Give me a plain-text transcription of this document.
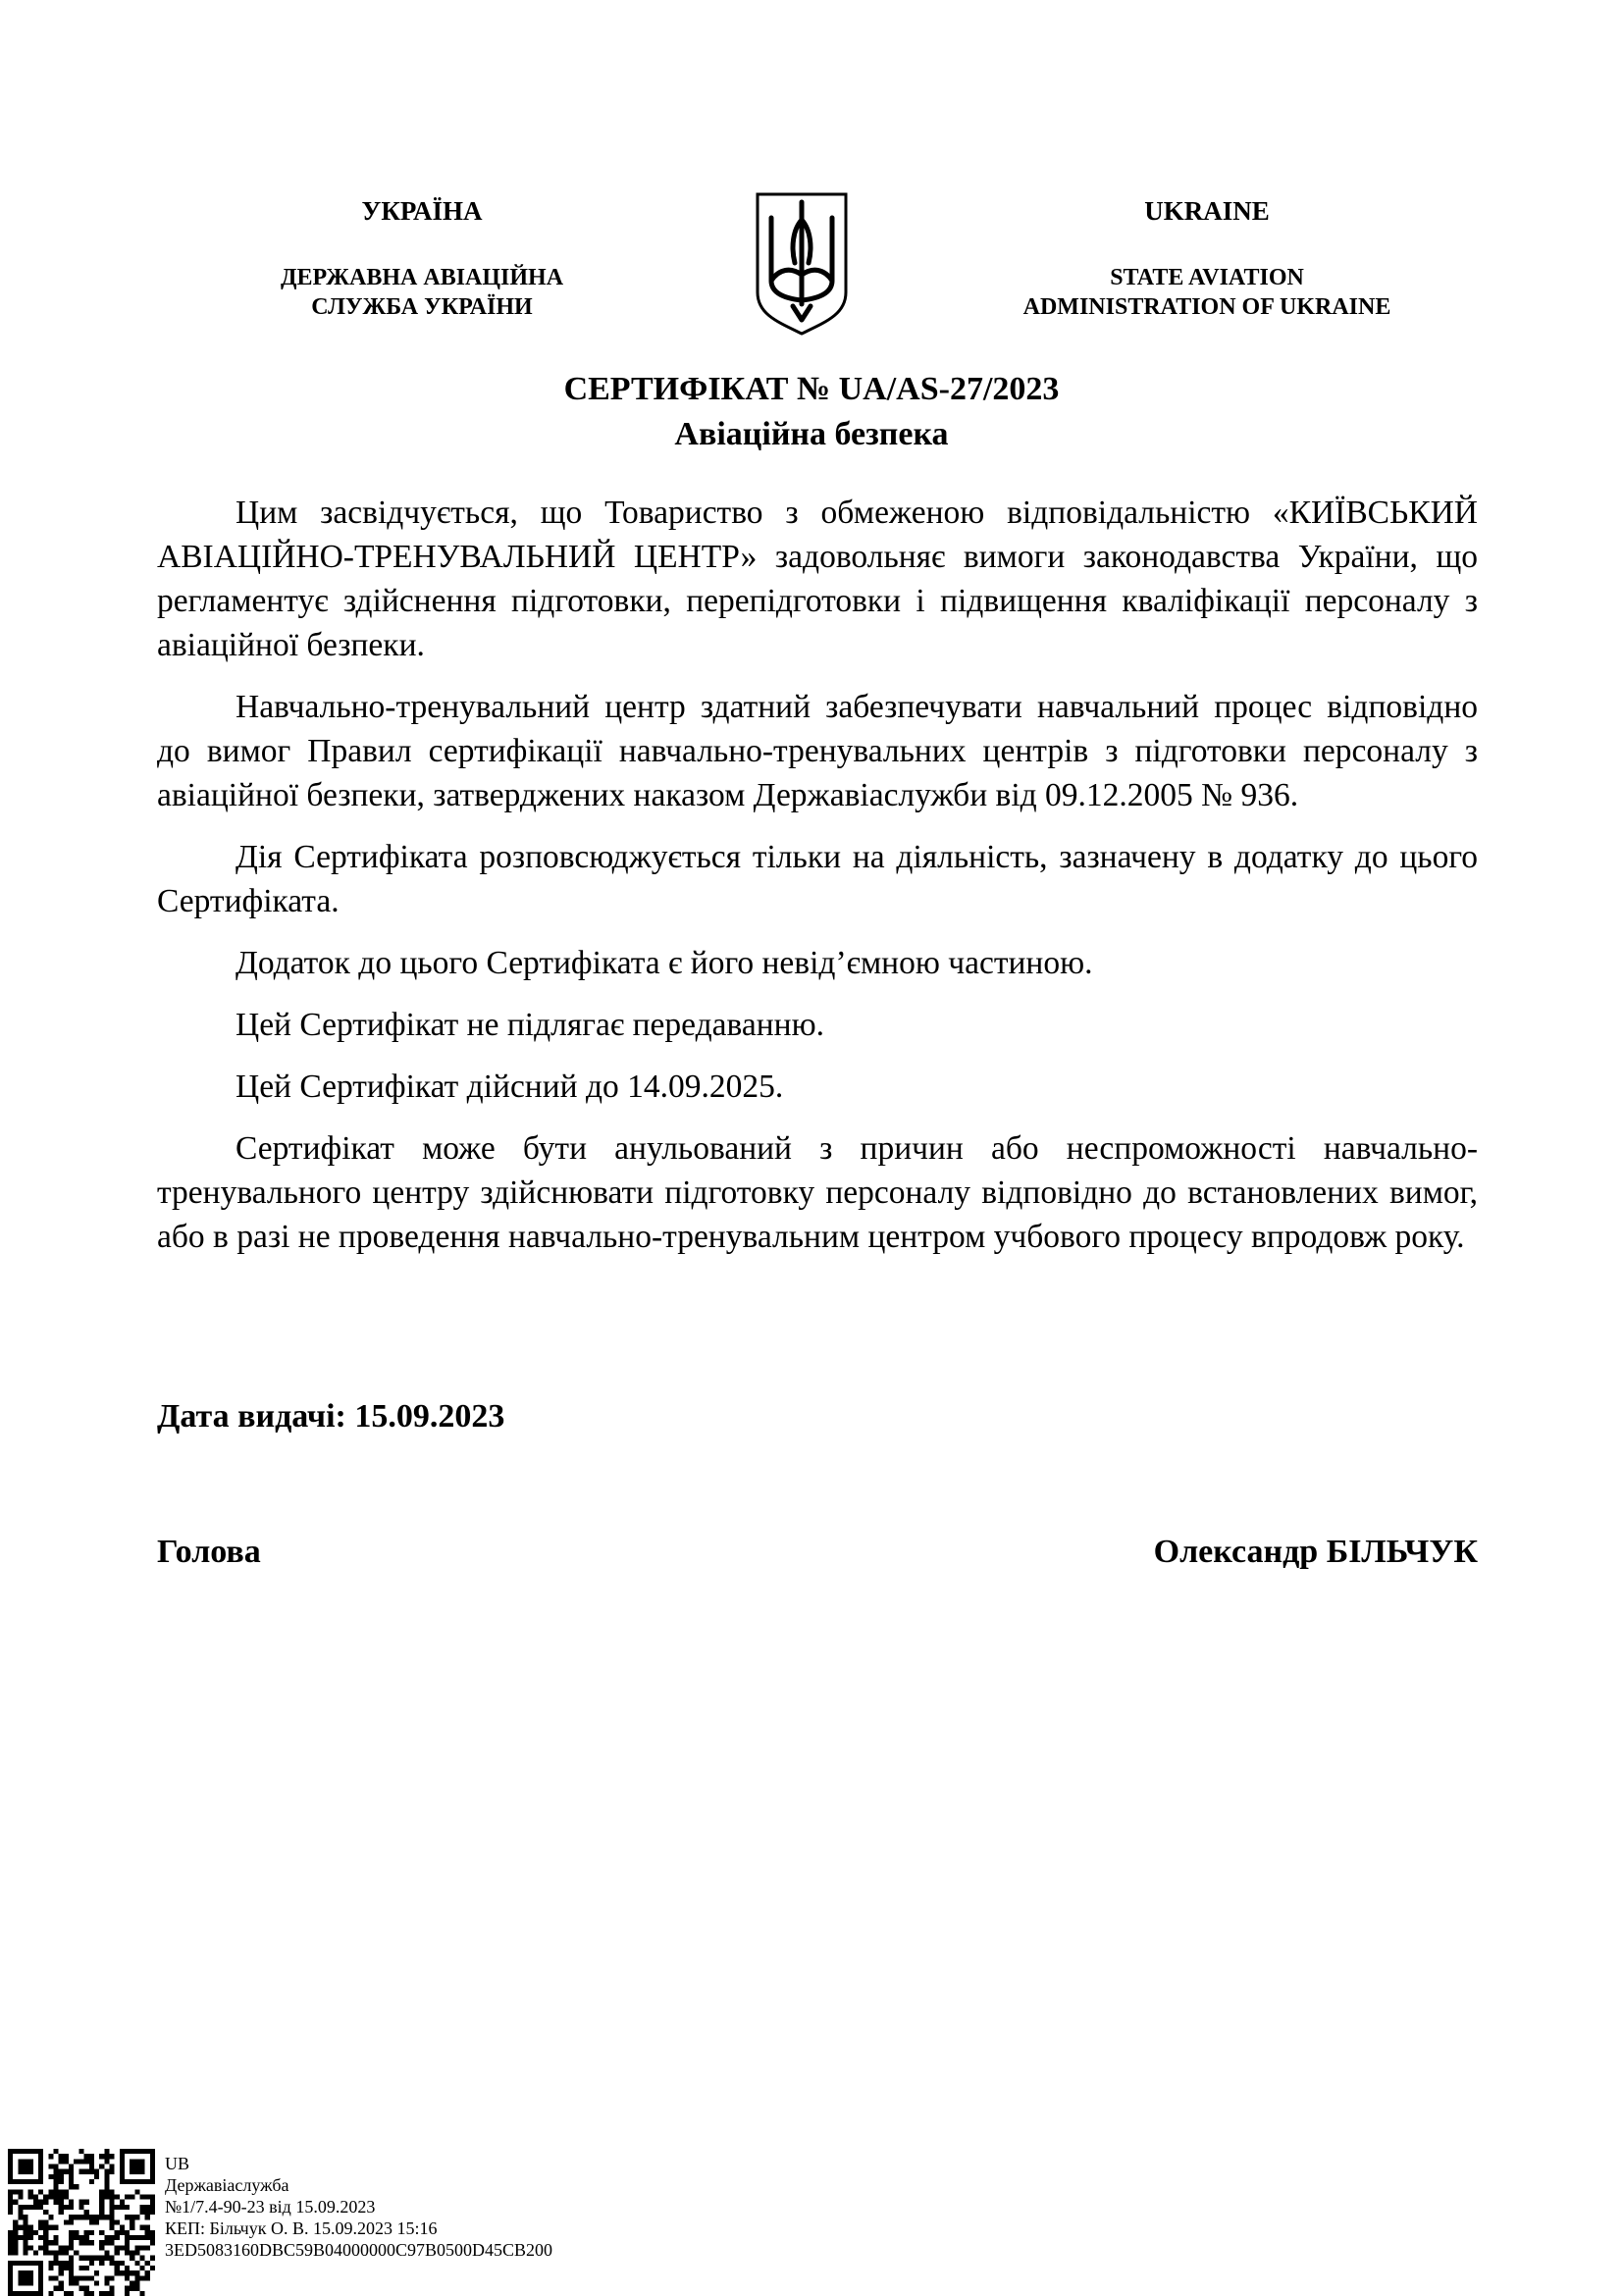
УКРАЇНА
ДЕРЖАВНА АВІАЦІЙНА
СЛУЖБА УКРАЇНИ
UKRAINE
STATE AVIATION
ADMINISTRATION OF UKRAINE
СЕРТИФІКАТ № UA/AS-27/2023
Авіаційна безпека

Цим засвідчується, що Товариство з обмеженою відповідальністю «КИЇВСЬКИЙ АВІАЦІЙНО-ТРЕНУВАЛЬНИЙ ЦЕНТР» задовольняє вимоги законодавства України, що регламентує здійснення підготовки, перепідготовки і підвищення кваліфікації персоналу з авіаційної безпеки.

Навчально-тренувальний центр здатний забезпечувати навчальний процес відповідно до вимог Правил сертифікації навчально-тренувальних центрів з підготовки персоналу з авіаційної безпеки, затверджених наказом Державіаслужби від 09.12.2005 № 936.

Дія Сертифіката розповсюджується тільки на діяльність, зазначену в додатку до цього Сертифіката.

Додаток до цього Сертифіката є його невід’ємною частиною.

Цей Сертифікат не підлягає передаванню.

Цей Сертифікат дійсний до 14.09.2025.

Сертифікат може бути анульований з причин або неспроможності навчально-тренувального центру здійснювати підготовку персоналу відповідно до встановлених вимог, або в разі не проведення навчально-тренувальним центром учбового процесу впродовж року.

Дата видачі: 15.09.2023
Голова	Олександр БІЛЬЧУК
UB
Державіаслужба
№1/7.4-90-23 від 15.09.2023
КЕП: Більчук О. В. 15.09.2023 15:16
3ED5083160DBC59B04000000C97B0500D45CB200
